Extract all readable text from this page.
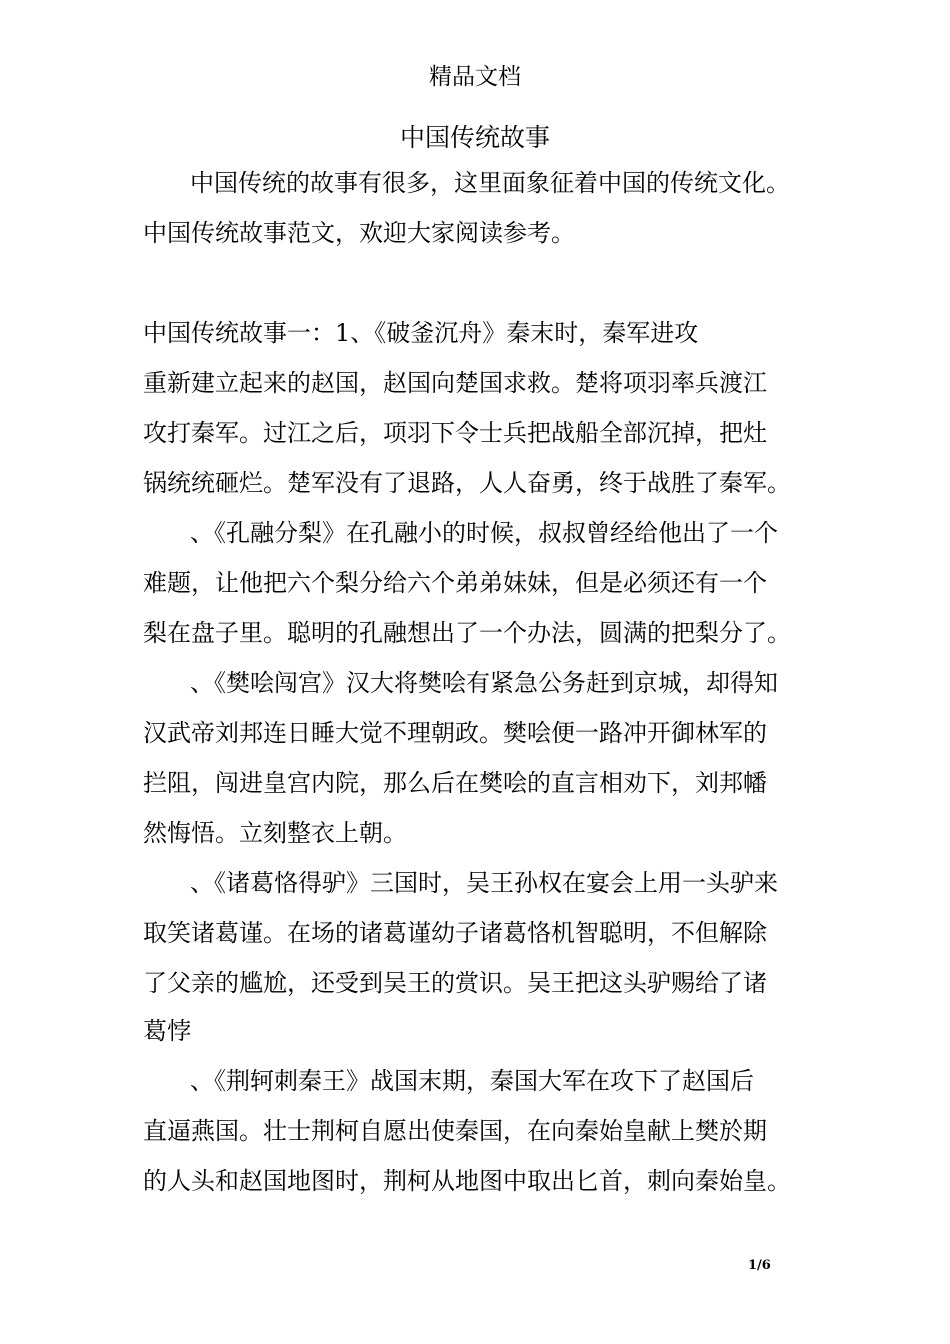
精品文档
中国传统故事
中国传统的故事有很多，这里面象征着中国的传统文化。
中国传统故事范文，欢迎大家阅读参考。
中国传统故事一：1、《破釜沉舟》秦末时，秦军进攻
重新建立起来的赵国，赵国向楚国求救。楚将项羽率兵渡江
攻打秦军。过江之后，项羽下令士兵把战船全部沉掉，把灶
锅统统砸烂。楚军没有了退路，人人奋勇，终于战胜了秦军。
、《孔融分梨》在孔融小的时候，叔叔曾经给他出了一个
难题，让他把六个梨分给六个弟弟妹妹，但是必须还有一个
梨在盘子里。聪明的孔融想出了一个办法，圆满的把梨分了。
、《樊哙闯宫》汉大将樊哙有紧急公务赶到京城，却得知
汉武帝刘邦连日睡大觉不理朝政。樊哙便一路冲开御林军的
拦阻，闯进皇宫内院，那么后在樊哙的直言相劝下，刘邦幡
然悔悟。立刻整衣上朝。
、《诸葛恪得驴》三国时，吴王孙权在宴会上用一头驴来
取笑诸葛谨。在场的诸葛谨幼子诸葛恪机智聪明，不但解除
了父亲的尴尬，还受到吴王的赏识。吴王把这头驴赐给了诸
葛悖
、《荆轲刺秦王》战国末期，秦国大军在攻下了赵国后
直逼燕国。壮士荆柯自愿出使秦国，在向秦始皇献上樊於期
的人头和赵国地图时，荆柯从地图中取出匕首，刺向秦始皇。
1/6
